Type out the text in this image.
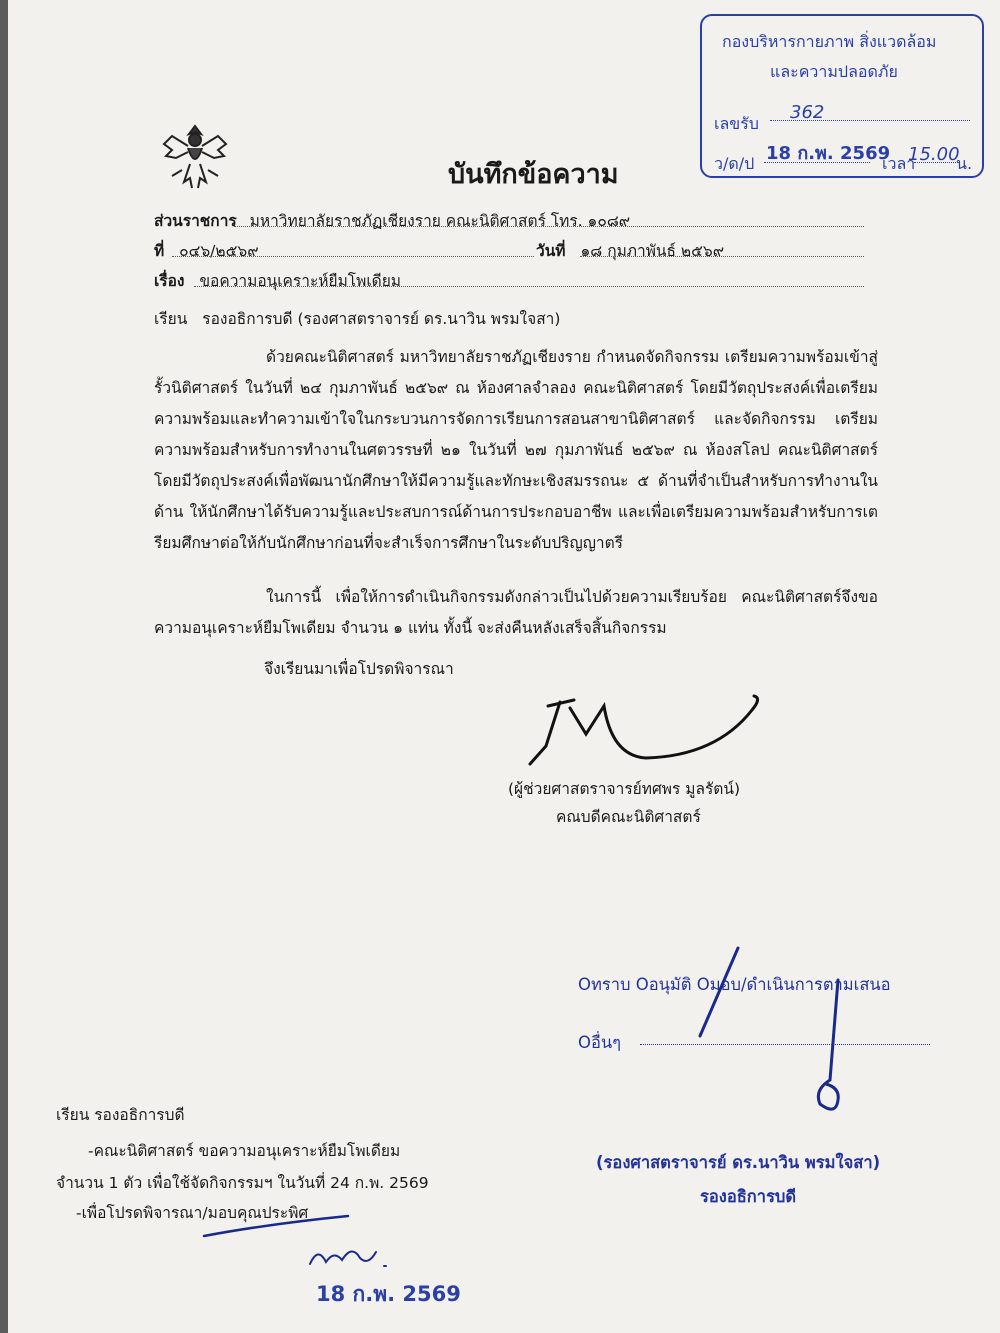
กองบริหารกายภาพ สิ่งแวดล้อม
และความปลอดภัย
เลขรับ
362
ว/ด/ป 18 ก.พ. 2569
เวลา
15.00
น.
บันทึกข้อความ
ส่วนราชการ มหาวิทยาลัยราชภัฏเชียงราย คณะนิติศาสตร์ โทร. ๑๐๘๙
ที่ ๐๔๖/๒๕๖๙	วันที่ ๑๘ กุมภาพันธ์ ๒๕๖๙
เรื่อง ขอความอนุเคราะห์ยืมโพเดียม
เรียน รองอธิการบดี (รองศาสตราจารย์ ดร.นาวิน พรมใจสา)

ด้วยคณะนิติศาสตร์ มหาวิทยาลัยราชภัฏเชียงราย กำหนดจัดกิจกรรม เตรียมความพร้อมเข้าสู่รั้วนิติศาสตร์ ในวันที่ ๒๔ กุมภาพันธ์ ๒๕๖๙ ณ ห้องศาลจำลอง คณะนิติศาสตร์ โดยมีวัตถุประสงค์เพื่อเตรียมความพร้อมและทำความเข้าใจในกระบวนการจัดการเรียนการสอนสาขานิติศาสตร์ และจัดกิจกรรม เตรียมความพร้อมสำหรับการทำงานในศตวรรษที่ ๒๑ ในวันที่ ๒๗ กุมภาพันธ์ ๒๕๖๙ ณ ห้องสโลป คณะนิติศาสตร์ โดยมีวัตถุประสงค์เพื่อพัฒนานักศึกษาให้มีความรู้และทักษะเชิงสมรรถนะ ๕ ด้านที่จำเป็นสำหรับการทำงานในด้าน ให้นักศึกษาได้รับความรู้และประสบการณ์ด้านการประกอบอาชีพ และเพื่อเตรียมความพร้อมสำหรับการเตรียมศึกษาต่อให้กับนักศึกษาก่อนที่จะสำเร็จการศึกษาในระดับปริญญาตรี

ในการนี้ เพื่อให้การดำเนินกิจกรรมดังกล่าวเป็นไปด้วยความเรียบร้อย คณะนิติศาสตร์จึงขอความอนุเคราะห์ยืมโพเดียม จำนวน ๑ แท่น ทั้งนี้ จะส่งคืนหลังเสร็จสิ้นกิจกรรม

จึงเรียนมาเพื่อโปรดพิจารณา
(ผู้ช่วยศาสตราจารย์ทศพร มูลรัตน์)
คณบดีคณะนิติศาสตร์
Oทราบ Oอนุมัติ Oมอบ/ดำเนินการตามเสนอ
Oอื่นๆ
(รองศาสตราจารย์ ดร.นาวิน พรมใจสา)
รองอธิการบดี
เรียน รองอธิการบดี
-คณะนิติศาสตร์ ขอความอนุเคราะห์ยืมโพเดียม
จำนวน 1 ตัว เพื่อใช้จัดกิจกรรมฯ ในวันที่ 24 ก.พ. 2569
-เพื่อโปรดพิจารณา/มอบคุณประพิศ
18 ก.พ. 2569
